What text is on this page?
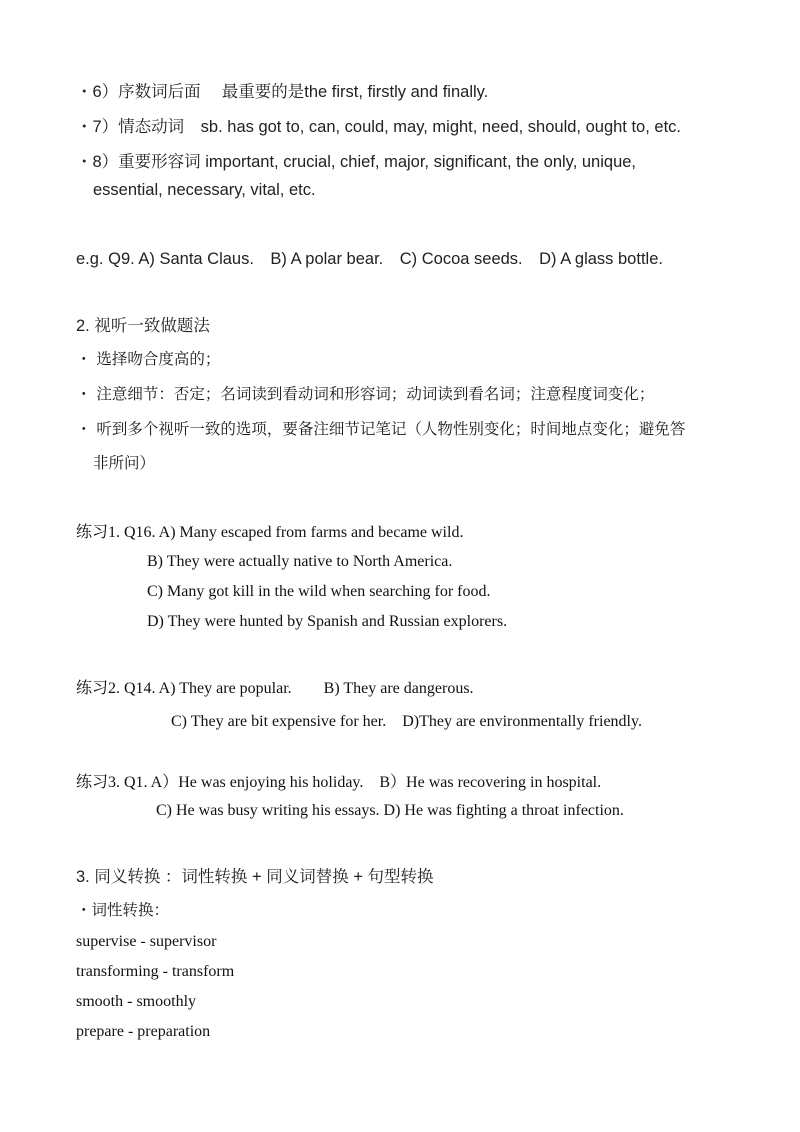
・6）序数词后面　 最重要的是the first, firstly and finally.
・7）情态动词　sb. has got to, can, could, may, might, need, should, ought to, etc.
・8）重要形容词 important, crucial, chief, major, significant, the only, unique,
essential, necessary, vital, etc.
e.g. Q9. A) Santa Claus.　B) A polar bear.　C) Cocoa seeds.　D) A glass bottle.
2. 视听一致做题法
・ 选择吻合度高的；
・ 注意细节：否定；名词读到看动词和形容词；动词读到看名词；注意程度词变化；
・ 听到多个视听一致的选项，要备注细节记笔记（人物性别变化；时间地点变化；避免答
非所问）
练习1. Q16. A) Many escaped from farms and became wild.
B) They were actually native to North America.
C) Many got kill in the wild when searching for food.
D) They were hunted by Spanish and Russian explorers.
练习2. Q14. A) They are popular.　　B) They are dangerous.
C) They are bit expensive for her.　D)They are environmentally friendly.
练习3. Q1. A）He was enjoying his holiday.　B）He was recovering in hospital.
C) He was busy writing his essays. D) He was fighting a throat infection.
3. 同义转换 ：词性转换 + 同义词替换 + 句型转换
・词性转换：
supervise - supervisor
transforming - transform
smooth - smoothly
prepare - preparation
